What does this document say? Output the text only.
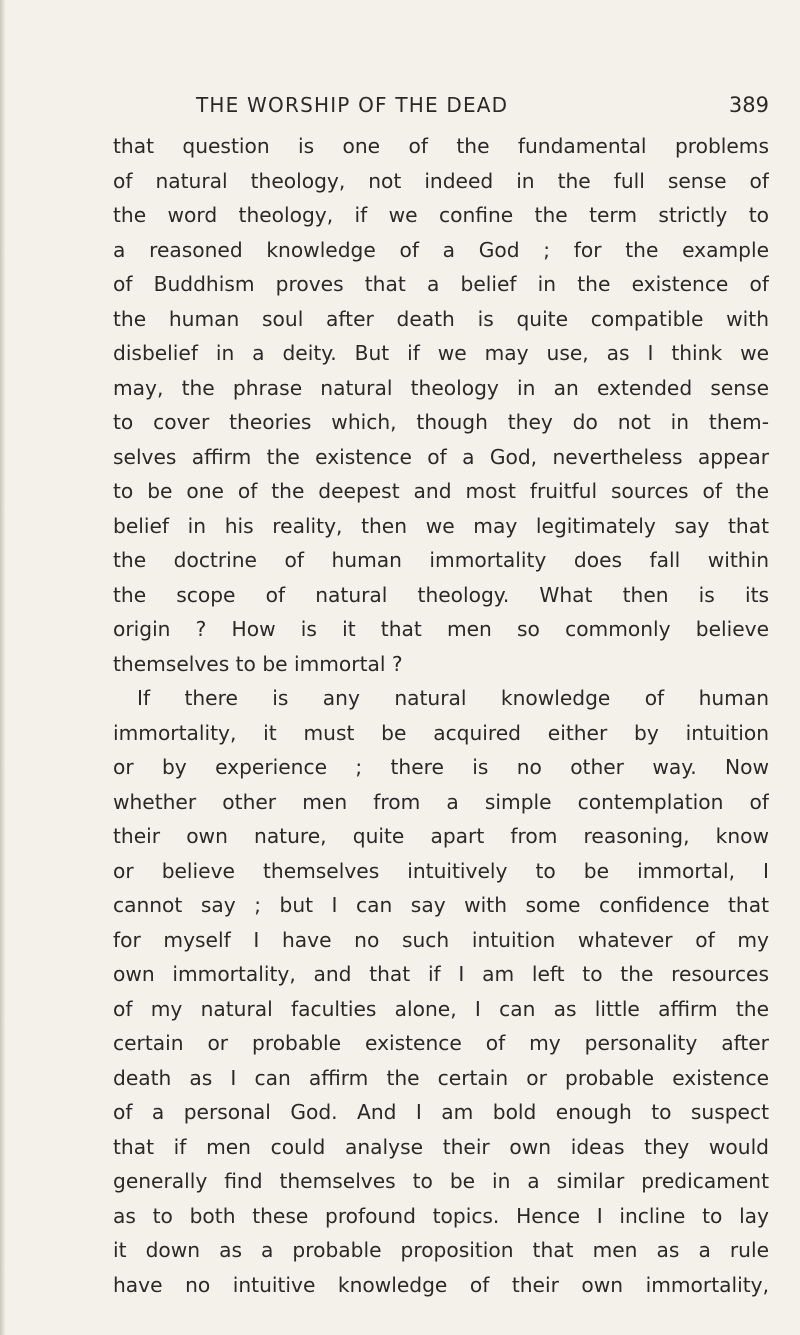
THE WORSHIP OF THE DEAD	389
that question is one of the fundamental problems
of natural theology, not indeed in the full sense of
the word theology, if we confine the term strictly to
a reasoned knowledge of a God ; for the example
of Buddhism proves that a belief in the existence of
the human soul after death is quite compatible with
disbelief in a deity. But if we may use, as I think we
may, the phrase natural theology in an extended sense
to cover theories which, though they do not in them-
selves affirm the existence of a God, nevertheless appear
to be one of the deepest and most fruitful sources of the
belief in his reality, then we may legitimately say that
the doctrine of human immortality does fall within
the scope of natural theology. What then is its
origin ? How is it that men so commonly believe
themselves to be immortal ?
If there is any natural knowledge of human
immortality, it must be acquired either by intuition
or by experience ; there is no other way. Now
whether other men from a simple contemplation of
their own nature, quite apart from reasoning, know
or believe themselves intuitively to be immortal, I
cannot say ; but I can say with some confidence that
for myself I have no such intuition whatever of my
own immortality, and that if I am left to the resources
of my natural faculties alone, I can as little affirm the
certain or probable existence of my personality after
death as I can affirm the certain or probable existence
of a personal God. And I am bold enough to suspect
that if men could analyse their own ideas they would
generally find themselves to be in a similar predicament
as to both these profound topics. Hence I incline to lay
it down as a probable proposition that men as a rule
have no intuitive knowledge of their own immortality,
